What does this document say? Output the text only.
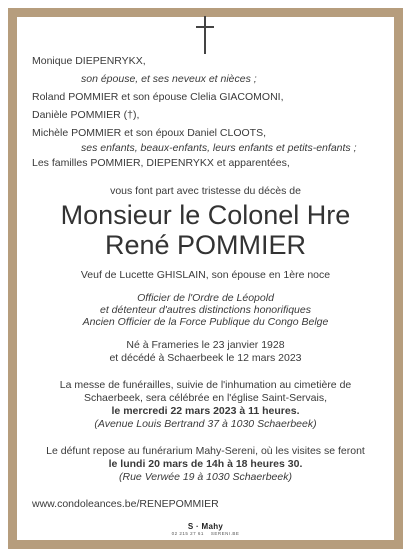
Monique DIEPENRYKX,
son épouse, et ses neveux et nièces ;
Roland POMMIER et son épouse Clelia GIACOMONI,
Danièle POMMIER (†),
Michèle POMMIER et son époux Daniel CLOOTS,
ses enfants, beaux-enfants, leurs enfants et petits-enfants ;
Les familles POMMIER, DIEPENRYKX et apparentées,
vous font part avec tristesse du décès de
Monsieur le Colonel Hre
René POMMIER
Veuf de Lucette GHISLAIN, son épouse en 1ère noce
Officier de l'Ordre de Léopold
et détenteur d'autres distinctions honorifiques
Ancien Officier de la Force Publique du Congo Belge
Né à Frameries le 23 janvier 1928
et décédé à Schaerbeek le 12 mars 2023
La messe de funérailles, suivie de l'inhumation au cimetière de
Schaerbeek, sera célébrée en l'église Saint-Servais,
le mercredi 22 mars 2023 à 11 heures.
(Avenue Louis Bertrand 37 à 1030 Schaerbeek)
Le défunt repose au funérarium Mahy-Sereni, où les visites se feront
le lundi 20 mars de 14h à 18 heures 30.
(Rue Verwée 19 à 1030 Schaerbeek)
www.condoleances.be/RENEPOMMIER
S · Mahy
02 215 27 61 SERENI.BE
